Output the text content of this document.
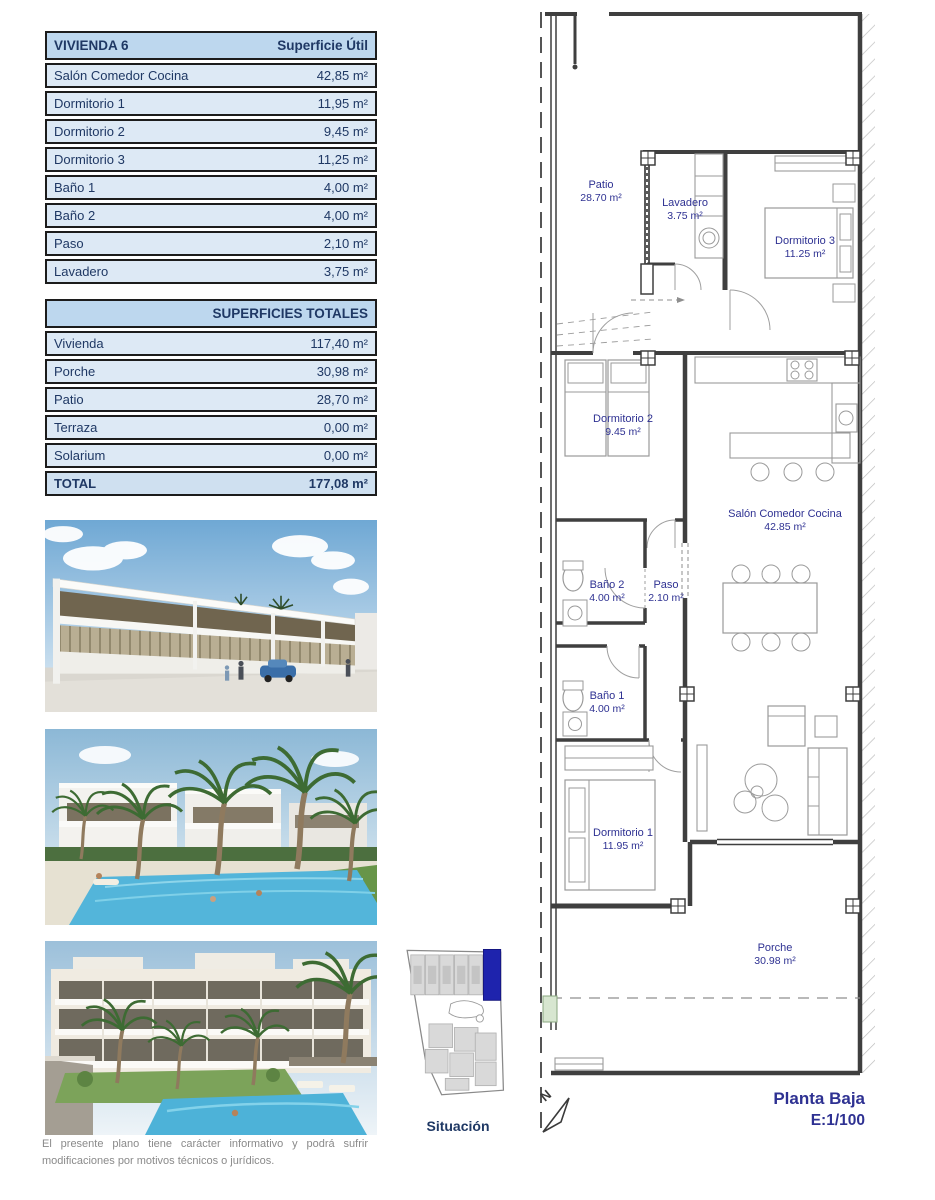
VIVIENDA 6	Superficie Útil
Salón Comedor Cocina	42,85 m²
Dormitorio 1	11,95 m²
Dormitorio 2	9,45 m²
Dormitorio 3	11,25 m²
Baño 1	4,00 m²
Baño 2	4,00 m²
Paso	2,10 m²
Lavadero	3,75 m²
SUPERFICIES TOTALES	
Vivienda	117,40 m²
Porche	30,98 m²
Patio	28,70 m²
Terraza	0,00 m²
Solarium	0,00 m²
TOTAL	177,08 m²
El presente plano tiene carácter informativo y podrá sufrir modificaciones por motivos técnicos o jurídicos.
Situación
Patio
28.70 m²	Lavadero
3.75 m²
Dormitorio 3
11.25 m²
Dormitorio 2
9.45 m²
Baño 2
4.00 m²
Paso
2.10 m²
Salón Comedor Cocina
42.85 m²
Baño 1
4.00 m²
Dormitorio 1
11.95 m²
Porche
30.98 m²
N	Planta Baja
E:1/100
